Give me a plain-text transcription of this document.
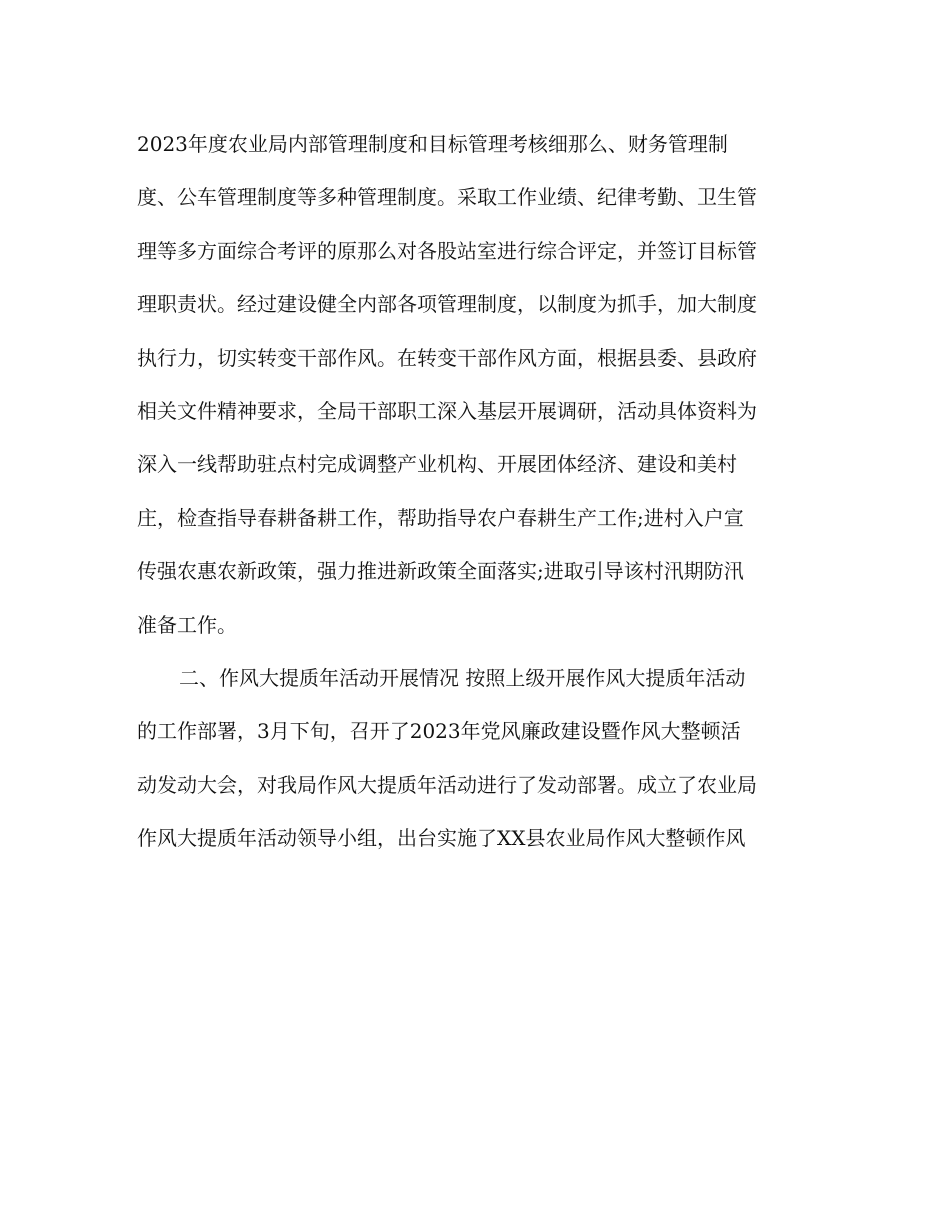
2023年度农业局内部管理制度和目标管理考核细那么、财务管理制
度、公车管理制度等多种管理制度。采取工作业绩、纪律考勤、卫生管
理等多方面综合考评的原那么对各股站室进行综合评定，并签订目标管
理职责状。经过建设健全内部各项管理制度，以制度为抓手，加大制度
执行力，切实转变干部作风。在转变干部作风方面，根据县委、县政府
相关文件精神要求，全局干部职工深入基层开展调研，活动具体资料为
深入一线帮助驻点村完成调整产业机构、开展团体经济、建设和美村
庄，检查指导春耕备耕工作，帮助指导农户春耕生产工作;进村入户宣
传强农惠农新政策，强力推进新政策全面落实;进取引导该村汛期防汛
准备工作。
二、作风大提质年活动开展情况 按照上级开展作风大提质年活动
的工作部署，3月下旬，召开了2023年党风廉政建设暨作风大整顿活
动发动大会，对我局作风大提质年活动进行了发动部署。成立了农业局
作风大提质年活动领导小组，出台实施了XX县农业局作风大整顿作风
